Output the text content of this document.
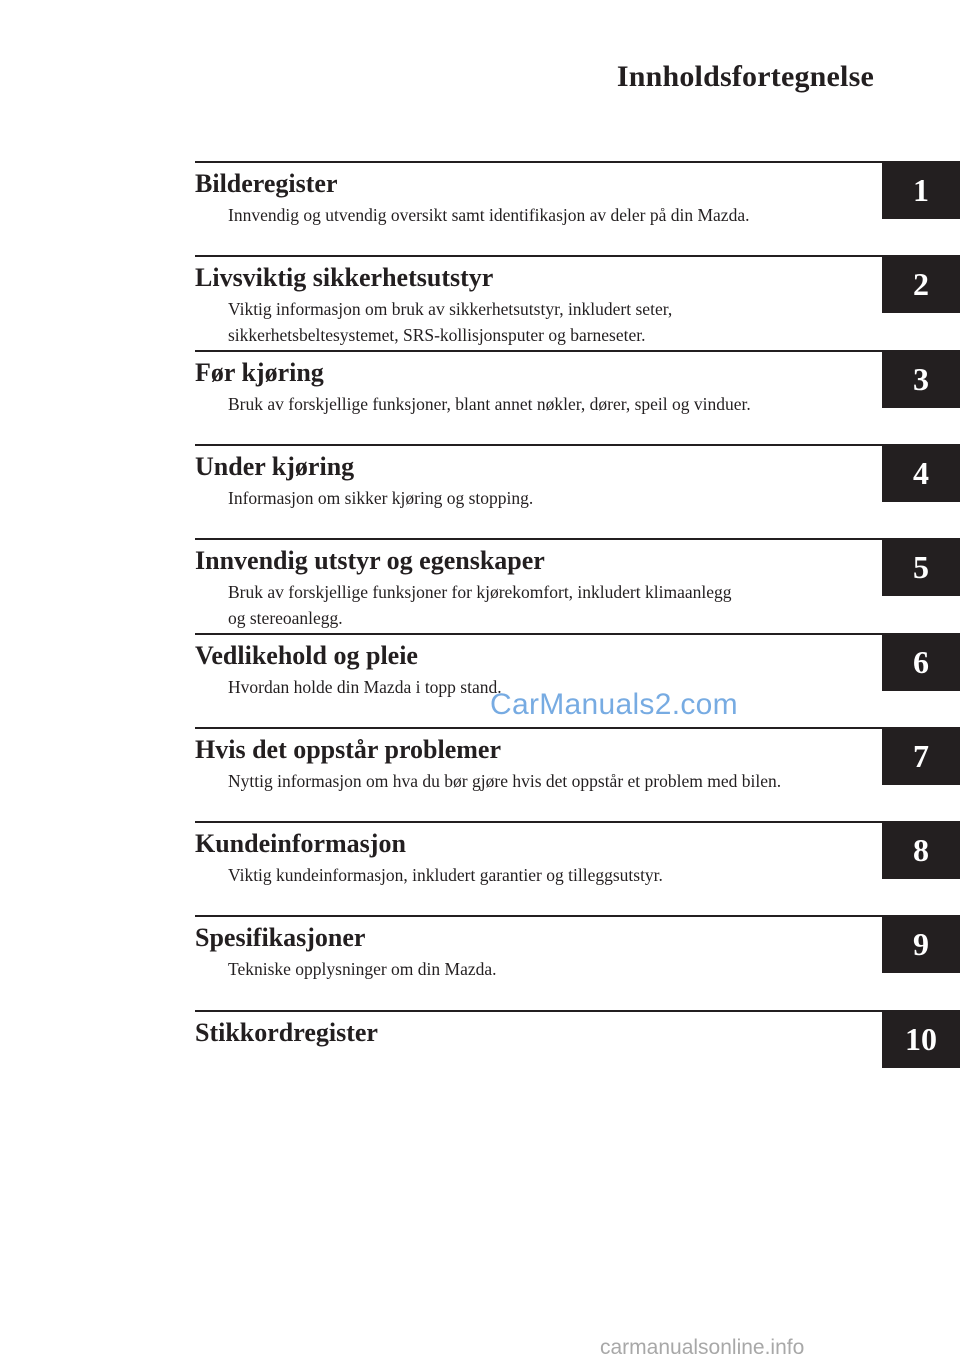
Innholdsfortegnelse
Bilderegister

Innvendig og utvendig oversikt samt identifikasjon av deler på din Mazda.

1
Livsviktig sikkerhetsutstyr

Viktig informasjon om bruk av sikkerhetsutstyr, inkludert seter,
sikkerhetsbeltesystemet, SRS-kollisjonsputer og barneseter.

2
Før kjøring

Bruk av forskjellige funksjoner, blant annet nøkler, dører, speil og vinduer.

3
Under kjøring

Informasjon om sikker kjøring og stopping.

4
Innvendig utstyr og egenskaper

Bruk av forskjellige funksjoner for kjørekomfort, inkludert klimaanlegg
og stereoanlegg.

5
Vedlikehold og pleie

Hvordan holde din Mazda i topp stand.

6
Hvis det oppstår problemer

Nyttig informasjon om hva du bør gjøre hvis det oppstår et problem med bilen.

7
Kundeinformasjon

Viktig kundeinformasjon, inkludert garantier og tilleggsutstyr.

8
Spesifikasjoner

Tekniske opplysninger om din Mazda.

9
Stikkordregister	10

CarManuals2.com

carmanualsonline.info
